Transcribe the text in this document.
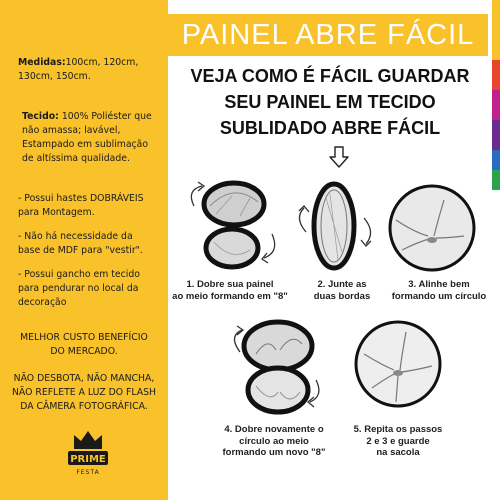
Medidas:100cm, 120cm,
130cm, 150cm.
Tecido: 100% Poliéster que
não amassa; lavável,
Estampado em sublimação
de altíssima qualidade.
- Possui hastes DOBRÁVEIS
para Montagem.
- Não há necessidade da
base de MDF para "vestir".
- Possui gancho em tecido
para pendurar no local da
decoração
MELHOR CUSTO BENEFÍCIO
DO MERCADO.
NÃO DESBOTA, NÃO MANCHA,
NÃO REFLETE A LUZ DO FLASH
DA CÂMERA FOTOGRÁFICA.
PRIME
FESTA
PAINEL ABRE FÁCIL
VEJA COMO É FÁCIL GUARDAR
SEU PAINEL EM TECIDO
SUBLIDADO ABRE FÁCIL
1. Dobre sua painel
ao meio formando em "8"
2. Junte as
duas bordas
3. Alinhe bem
formando um círculo
4. Dobre novamente o
círculo ao meio
formando um novo "8"
5. Repita os passos
2 e 3 e guarde
na sacola
